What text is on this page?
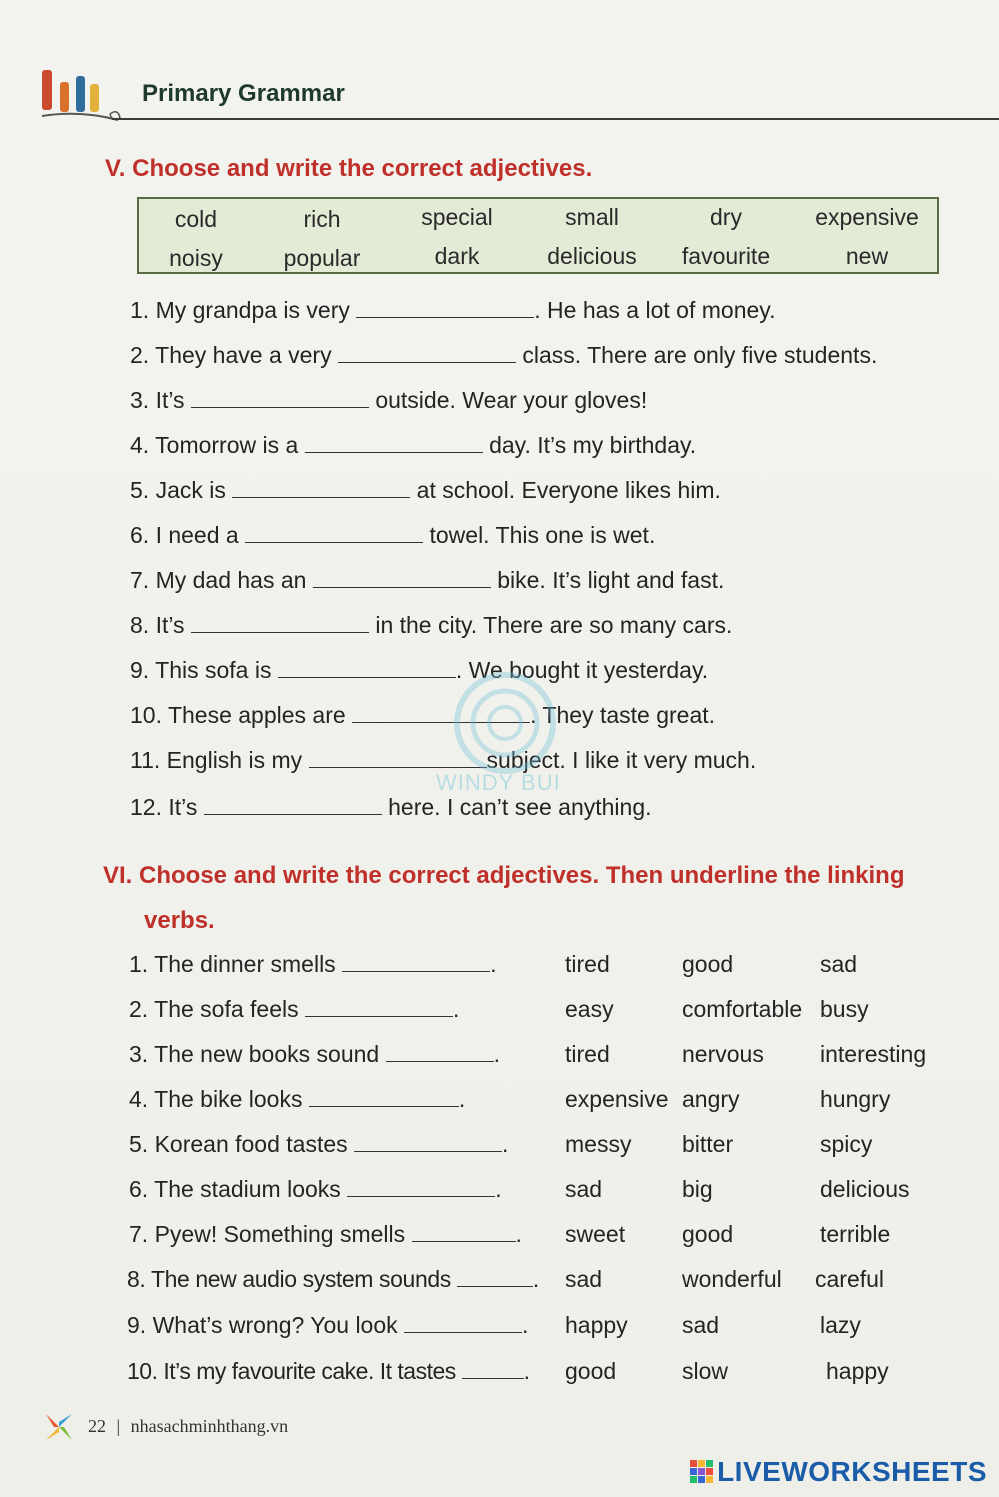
Primary Grammar
V. Choose and write the correct adjectives.
cold	rich	special	small	dry	expensive
noisy	popular	dark	delicious	favourite	new
1. My grandpa is very	. He has a lot of money.
2. They have a very	class. There are only five students.
3. It’s	outside. Wear your gloves!
4. Tomorrow is a	day. It’s my birthday.
5. Jack is	at school. Everyone likes him.
6. I need a	towel. This one is wet.
7. My dad has an	bike. It’s light and fast.
8. It’s	in the city. There are so many cars.
9. This sofa is	. We bought it yesterday.
10. These apples are	. They taste great.
11. English is my	subject. I like it very much.
12. It’s	here. I can’t see anything.
WINDY BUI
VI. Choose and write the correct adjectives. Then underline the linking
verbs.
1. The dinner smells	.	tired	good	sad
2. The sofa feels	.	easy	comfortable busy
3. The new books sound	.	tired	nervous interesting
4. The bike looks	.	expensive angry	hungry
5. Korean food tastes	. messy bitter	spicy
6. The stadium looks	.	sad	big	delicious
7. Pyew! Something smells	. sweet good	terrible
8. The new audio system sounds	. sad	wonderful careful
9. What’s wrong? You look	. happy sad	lazy
10. It’s my favourite cake. It tastes	. good	slow	happy
22 | nhasachminhthang.vn
LIVEWORKSHEETS
